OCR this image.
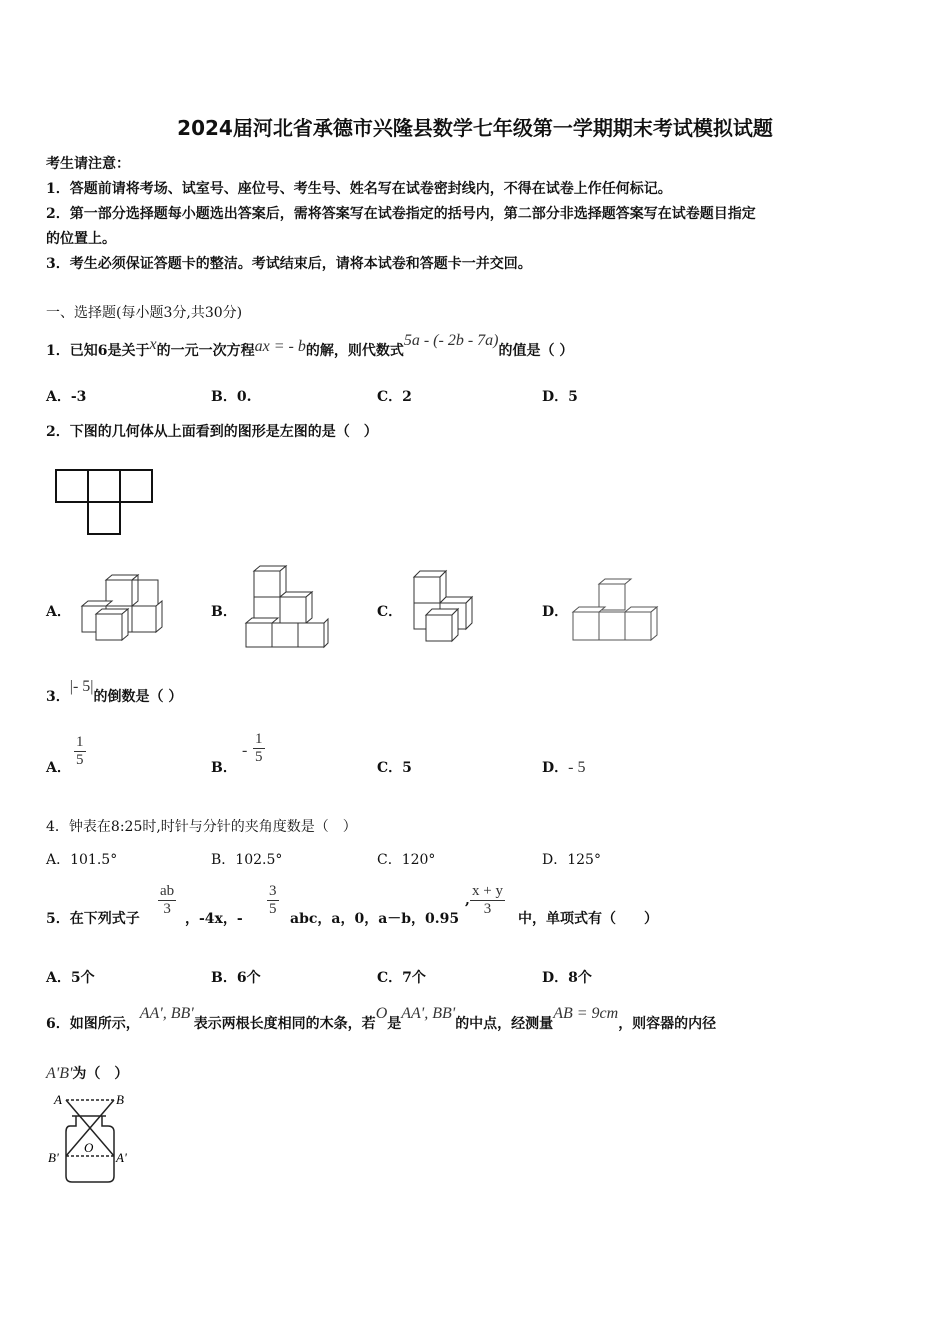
2024届河北省承德市兴隆县数学七年级第一学期期末考试模拟试题
考生请注意：
1．答题前请将考场、试室号、座位号、考生号、姓名写在试卷密封线内，不得在试卷上作任何标记。
2．第一部分选择题每小题选出答案后，需将答案写在试卷指定的括号内，第二部分非选择题答案写在试卷题目指定
的位置上。
3．考生必须保证答题卡的整洁。考试结束后，请将本试卷和答题卡一并交回。
一、选择题(每小题3分,共30分)
1．已知6是关于x的一元一次方程ax = - b的解，则代数式5a - (- 2b - 7a)的值是（ ）
A．-3	B．0.	C．2	D．5
2．下图的几何体从上面看到的图形是左图的是（　）
A．	B．	C．	D．
3．|- 5|的倒数是（ ）
A． $\frac{1}{5}$	B．
- $\frac{1}{5}$
C．5	D．- 5
4．钟表在8:25时,时针与分针的夹角度数是（　）
A．101.5°	B．102.5°	C．120°	D．125°
5．在下列式子
$\frac{ab}{3}$
，-4x，-
$\frac{3}{5}$
abc，a，0，a－b，0.95
, $\frac{x + y}{3}$
中，单项式有（　　）
A．5个	B．6个	C．7个	D．8个
6．如图所示，AA', BB'表示两根长度相同的木条，若O是AA', BB'的中点，经测量AB = 9cm，则容器的内径
A'B'为（　）
A	B
O
B'	A'
